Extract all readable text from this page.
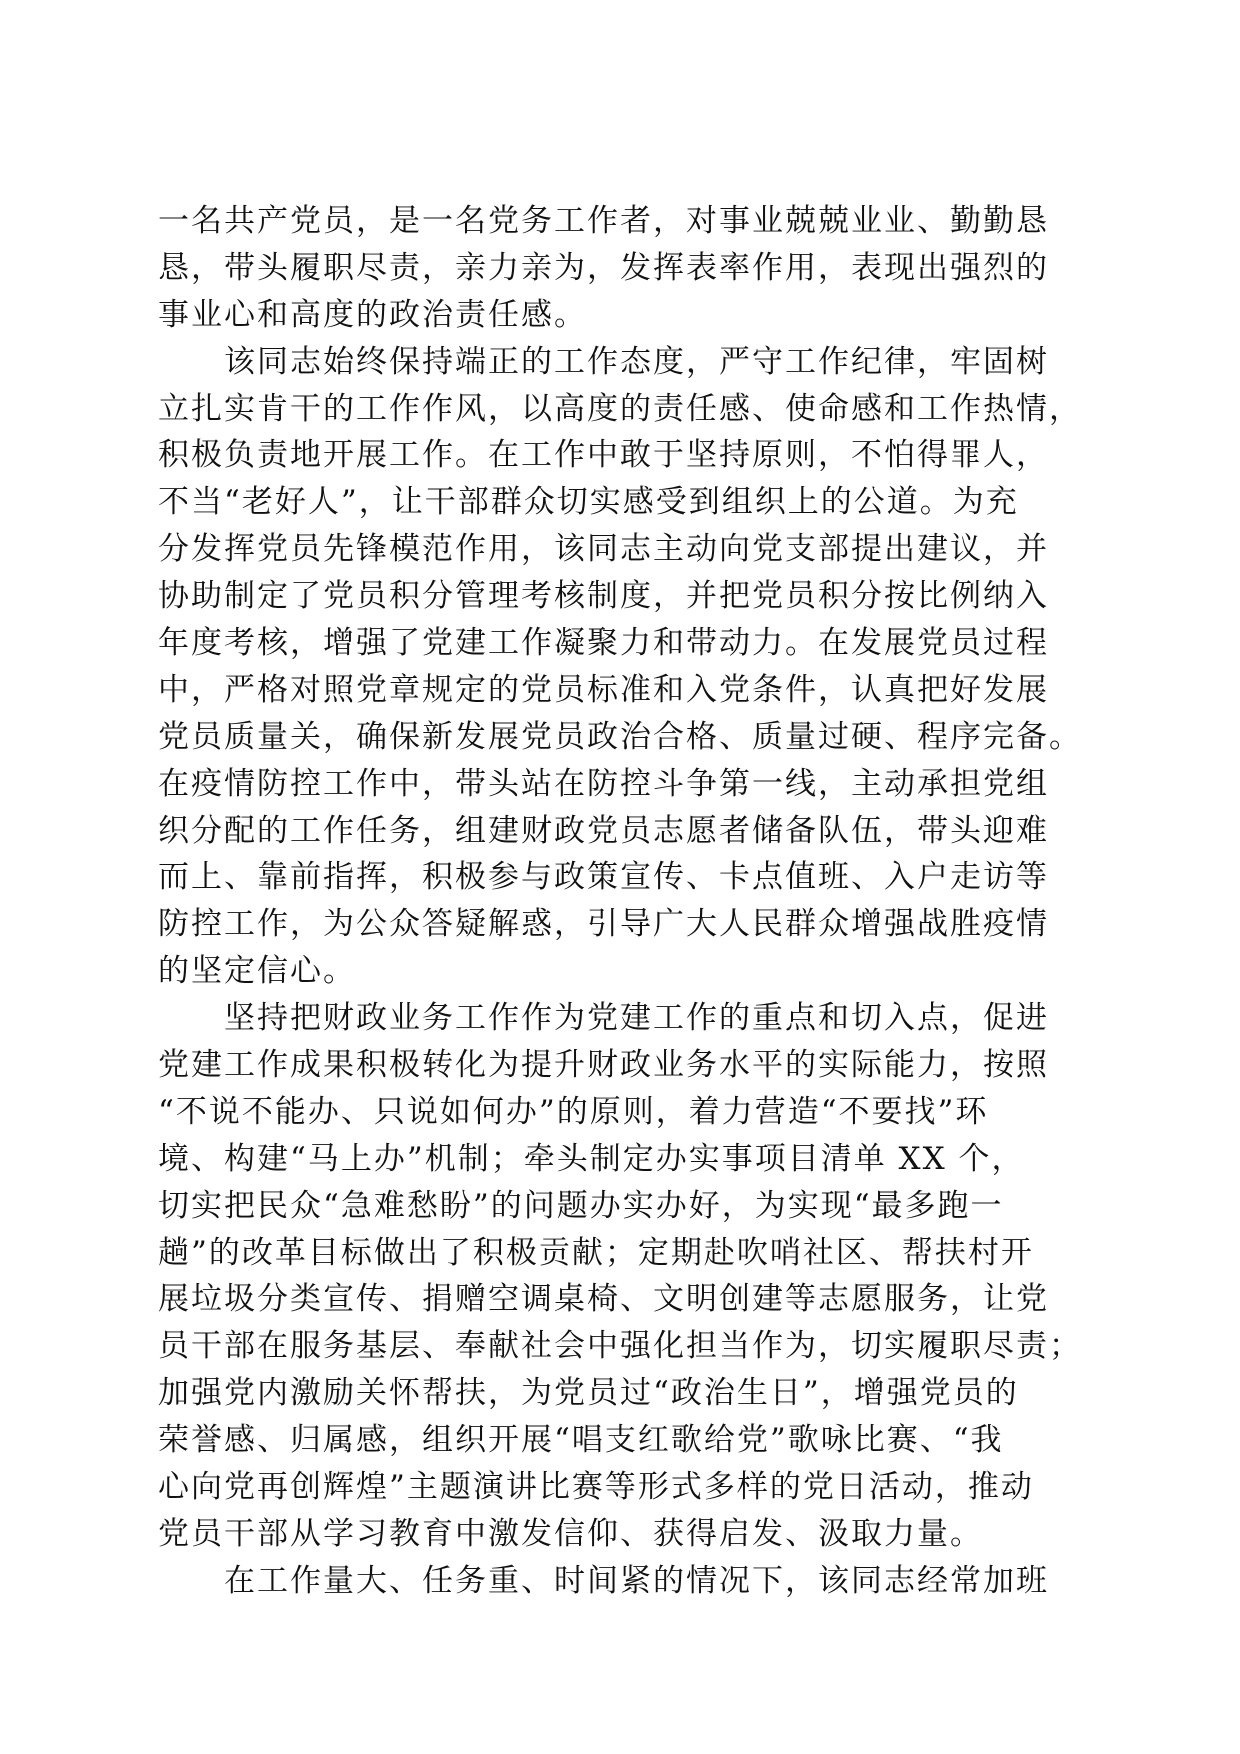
一名共产党员，是一名党务工作者，对事业兢兢业业、勤勤恳
恳，带头履职尽责，亲力亲为，发挥表率作用，表现出强烈的
事业心和高度的政治责任感。
该同志始终保持端正的工作态度，严守工作纪律，牢固树
立扎实肯干的工作作风，以高度的责任感、使命感和工作热情，
积极负责地开展工作。在工作中敢于坚持原则，不怕得罪人，
不当“老好人”，让干部群众切实感受到组织上的公道。为充
分发挥党员先锋模范作用，该同志主动向党支部提出建议，并
协助制定了党员积分管理考核制度，并把党员积分按比例纳入
年度考核，增强了党建工作凝聚力和带动力。在发展党员过程
中，严格对照党章规定的党员标准和入党条件，认真把好发展
党员质量关，确保新发展党员政治合格、质量过硬、程序完备。
在疫情防控工作中，带头站在防控斗争第一线，主动承担党组
织分配的工作任务，组建财政党员志愿者储备队伍，带头迎难
而上、靠前指挥，积极参与政策宣传、卡点值班、入户走访等
防控工作，为公众答疑解惑，引导广大人民群众增强战胜疫情
的坚定信心。
坚持把财政业务工作作为党建工作的重点和切入点，促进
党建工作成果积极转化为提升财政业务水平的实际能力，按照
“不说不能办、只说如何办”的原则，着力营造“不要找”环
境、构建“马上办”机制；牵头制定办实事项目清单 XX 个，
切实把民众“急难愁盼”的问题办实办好，为实现“最多跑一
趟”的改革目标做出了积极贡献；定期赴吹哨社区、帮扶村开
展垃圾分类宣传、捐赠空调桌椅、文明创建等志愿服务，让党
员干部在服务基层、奉献社会中强化担当作为，切实履职尽责；
加强党内激励关怀帮扶，为党员过“政治生日”，增强党员的
荣誉感、归属感，组织开展“唱支红歌给党”歌咏比赛、“我
心向党再创辉煌”主题演讲比赛等形式多样的党日活动，推动
党员干部从学习教育中激发信仰、获得启发、汲取力量。
在工作量大、任务重、时间紧的情况下，该同志经常加班
